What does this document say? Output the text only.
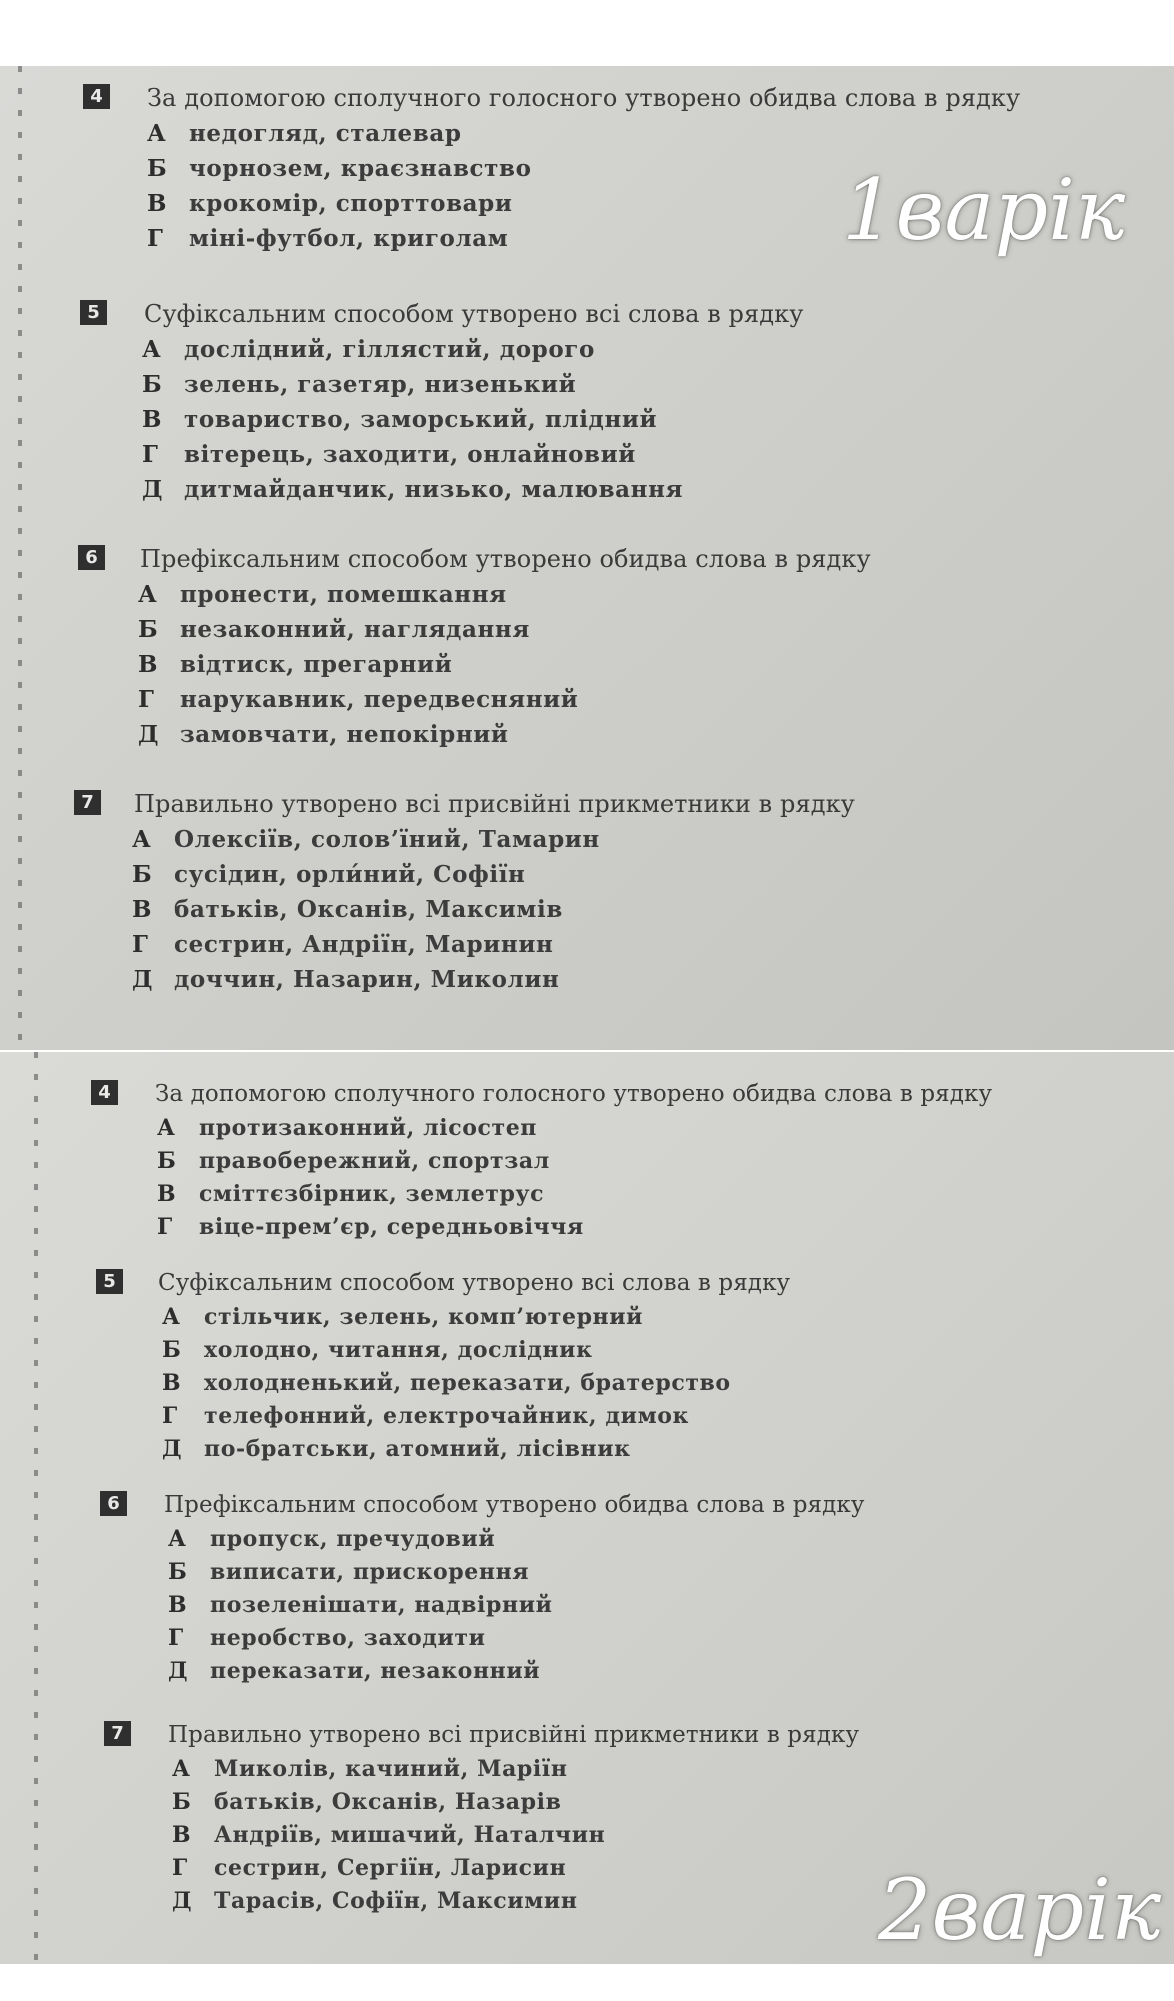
4	За допомогою сполучного голосного утворено обидва слова в рядку
А недогляд, сталевар
Б чорнозем, краєзнавство
В крокомір, спорттовари
Г міні-футбол, криголам
5	Суфіксальним способом утворено всі слова в рядку
А дослідний, гіллястий, дорого
Б зелень, газетяр, низенький
В товариство, заморський, плідний
Г вітерець, заходити, онлайновий
Д дитмайданчик, низько, малювання
6	Префіксальним способом утворено обидва слова в рядку
А пронести, помешкання
Б незаконний, наглядання
В відтиск, прегарний
Г нарукавник, передвесняний
Д замовчати, непокірний
7	Правильно утворено всі присвійні прикметники в рядку
А Олексіїв, солов’їний, Тамарин
Б сусідин, орли́ний, Софіїн
В батьків, Оксанів, Максимів
Г сестрин, Андріїн, Маринин
Д доччин, Назарин, Миколин
4	За допомогою сполучного голосного утворено обидва слова в рядку
А протизаконний, лісостеп
Б правобережний, спортзал
В сміттєзбірник, землетрус
Г віце-прем’єр, середньовіччя
5	Суфіксальним способом утворено всі слова в рядку
А стільчик, зелень, комп’ютерний
Б холодно, читання, дослідник
В холодненький, переказати, братерство
Г телефонний, електрочайник, димок
Д по-братськи, атомний, лісівник
6	Префіксальним способом утворено обидва слова в рядку
А пропуск, пречудовий
Б виписати, прискорення
В позеленішати, надвірний
Г неробство, заходити
Д переказати, незаконний
7	Правильно утворено всі присвійні прикметники в рядку
А Миколів, качиний, Маріїн
Б батьків, Оксанів, Назарів
В Андріїв, мишачий, Наталчин
Г сестрин, Сергіїн, Ларисин
Д Тарасів, Софіїн, Максимин
1варік
2варік
